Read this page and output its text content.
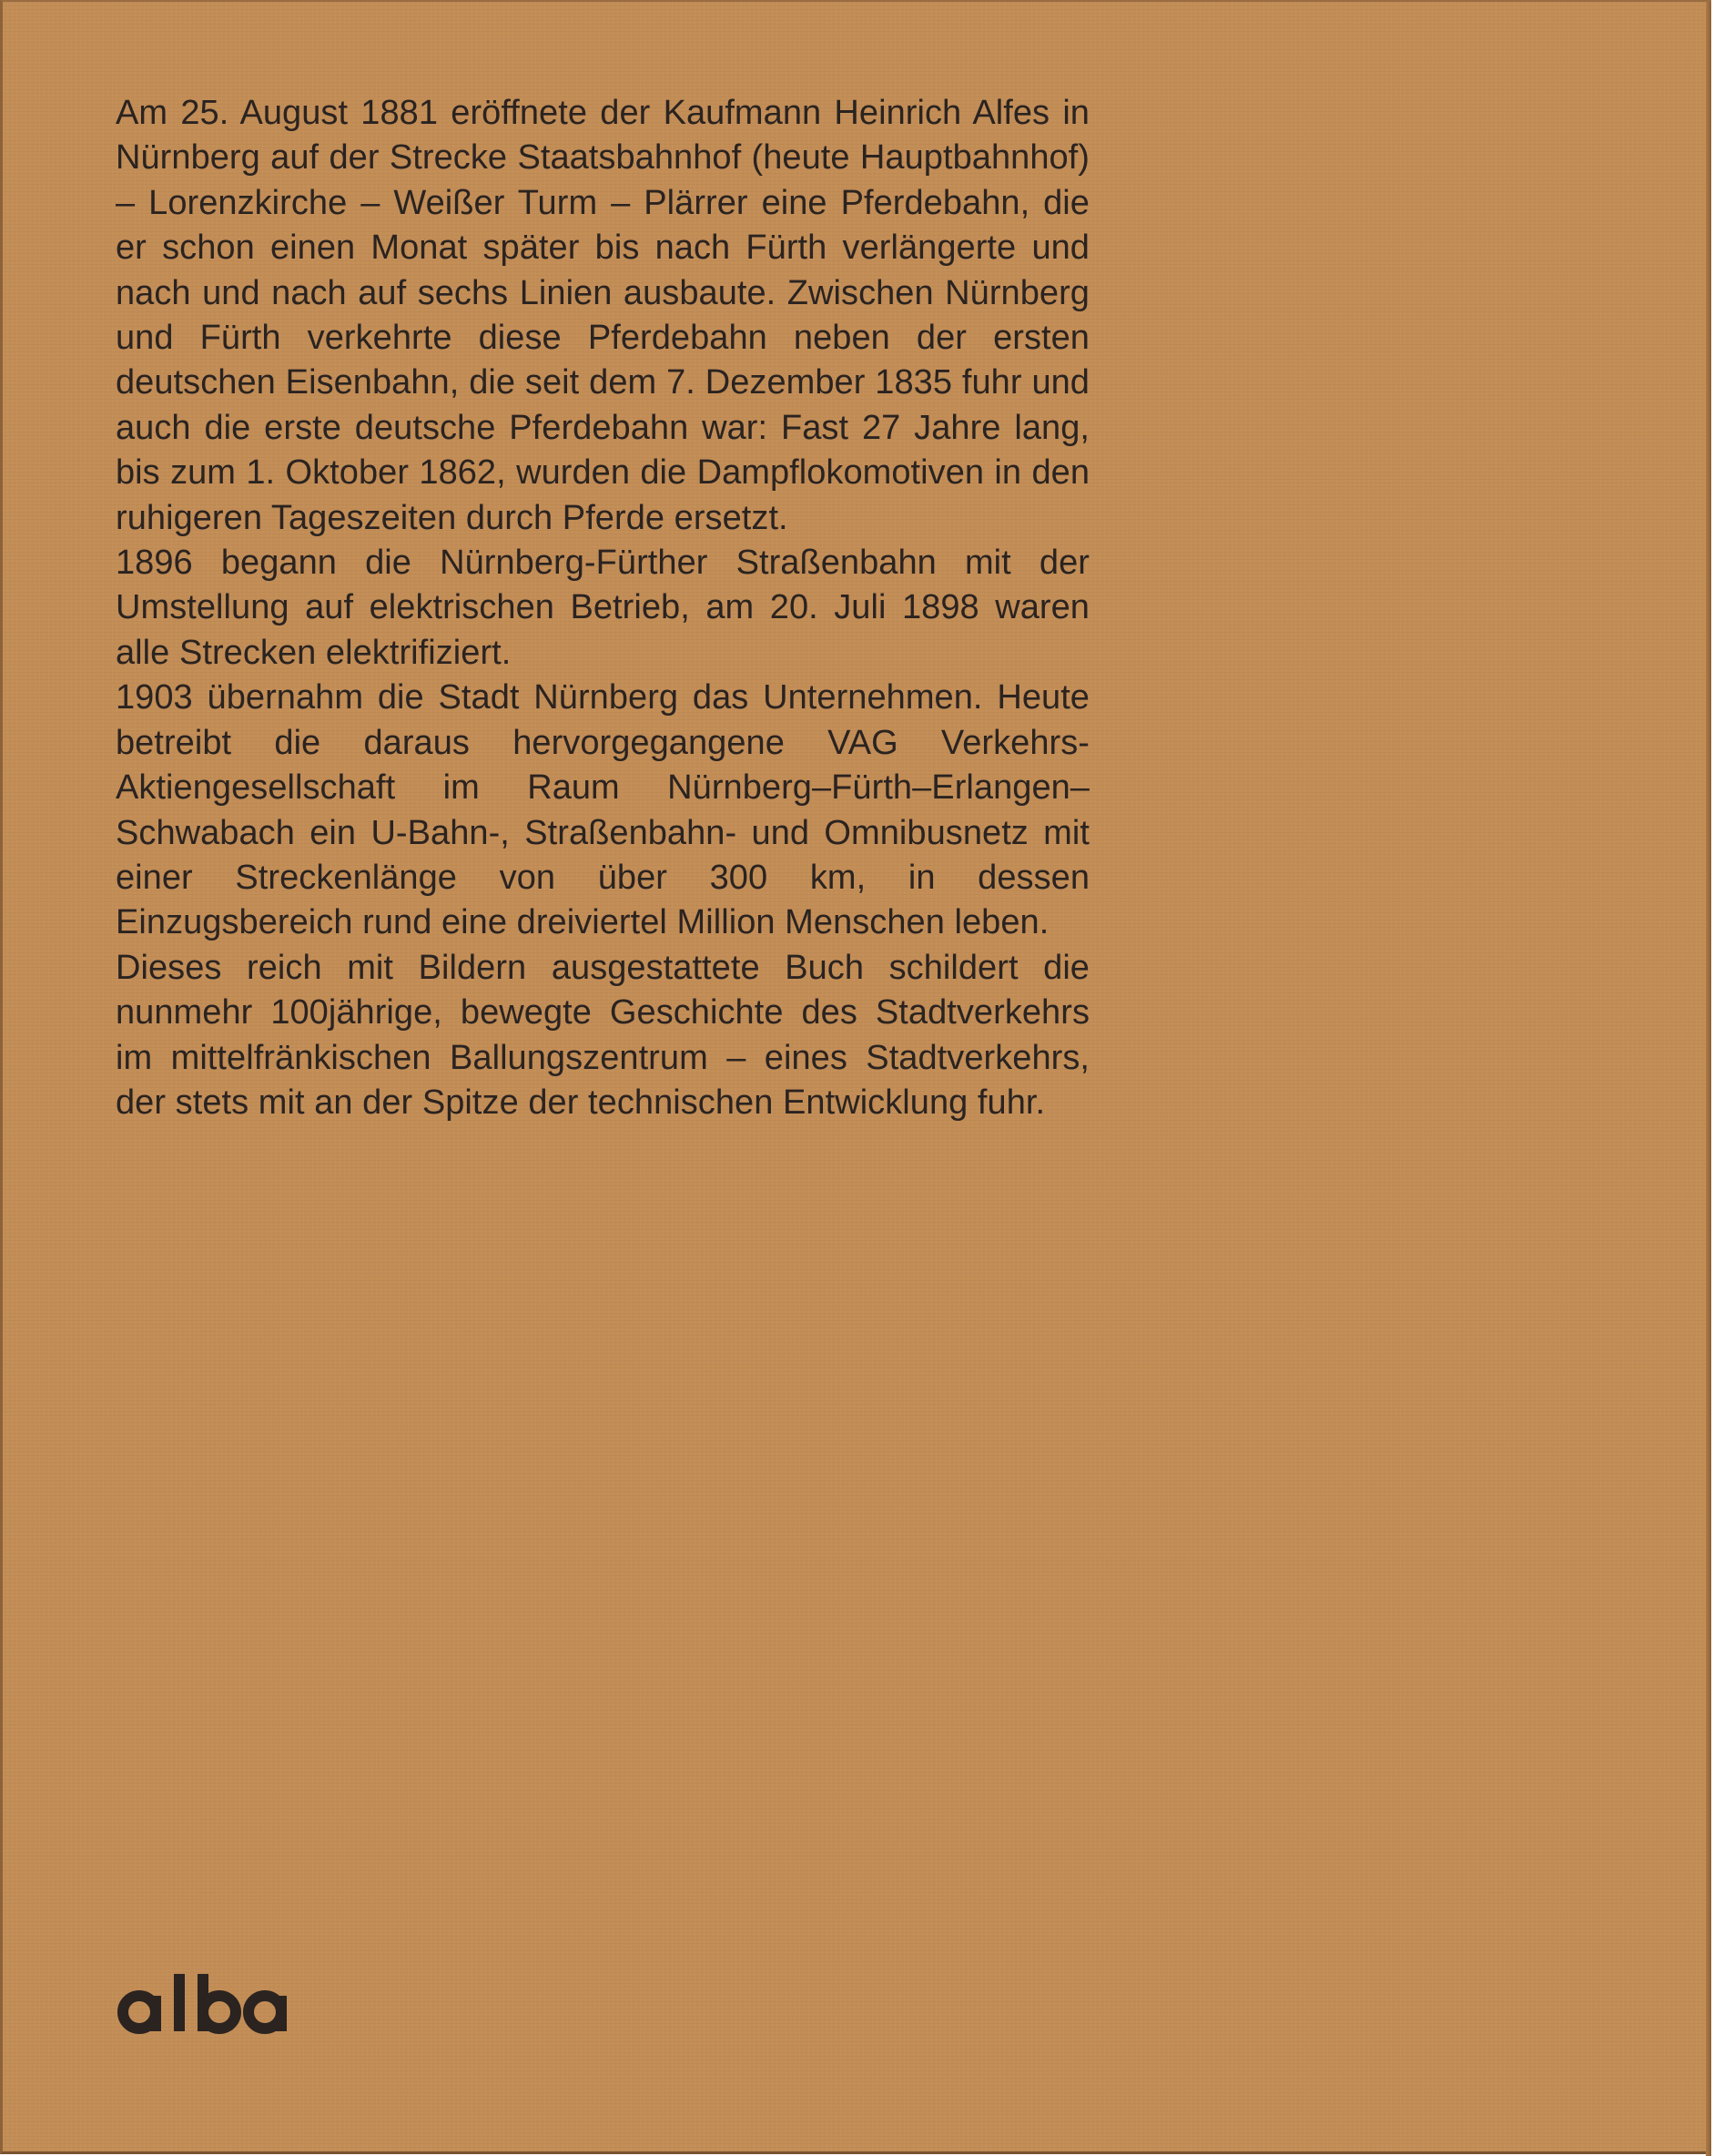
Am 25. August 1881 eröffnete der Kaufmann Heinrich Alfes in Nürnberg auf der Strecke Staatsbahnhof (heute Hauptbahnhof) – Lorenzkirche – Weißer Turm – Plärrer eine Pferdebahn, die er schon einen Monat später bis nach Fürth verlängerte und nach und nach auf sechs Linien ausbaute. Zwischen Nürnberg und Fürth verkehrte diese Pferdebahn neben der ersten deutschen Eisenbahn, die seit dem 7. Dezember 1835 fuhr und auch die erste deutsche Pferdebahn war: Fast 27 Jahre lang, bis zum 1. Oktober 1862, wurden die Dampflokomotiven in den ruhigeren Tageszeiten durch Pferde ersetzt.

1896 begann die Nürnberg-Fürther Straßenbahn mit der Umstellung auf elektrischen Betrieb, am 20. Juli 1898 waren alle Strecken elektrifiziert.

1903 übernahm die Stadt Nürnberg das Unternehmen. Heute betreibt die daraus hervorgegangene VAG Verkehrs-Aktiengesellschaft im Raum Nürnberg–Fürth–Erlangen–Schwabach ein U-Bahn-, Straßenbahn- und Omnibusnetz mit einer Streckenlänge von über 300 km, in dessen Einzugsbereich rund eine dreiviertel Million Menschen leben.

Dieses reich mit Bildern ausgestattete Buch schildert die nunmehr 100jährige, bewegte Geschichte des Stadtverkehrs im mittelfränkischen Ballungszentrum – eines Stadtverkehrs, der stets mit an der Spitze der technischen Entwicklung fuhr.
